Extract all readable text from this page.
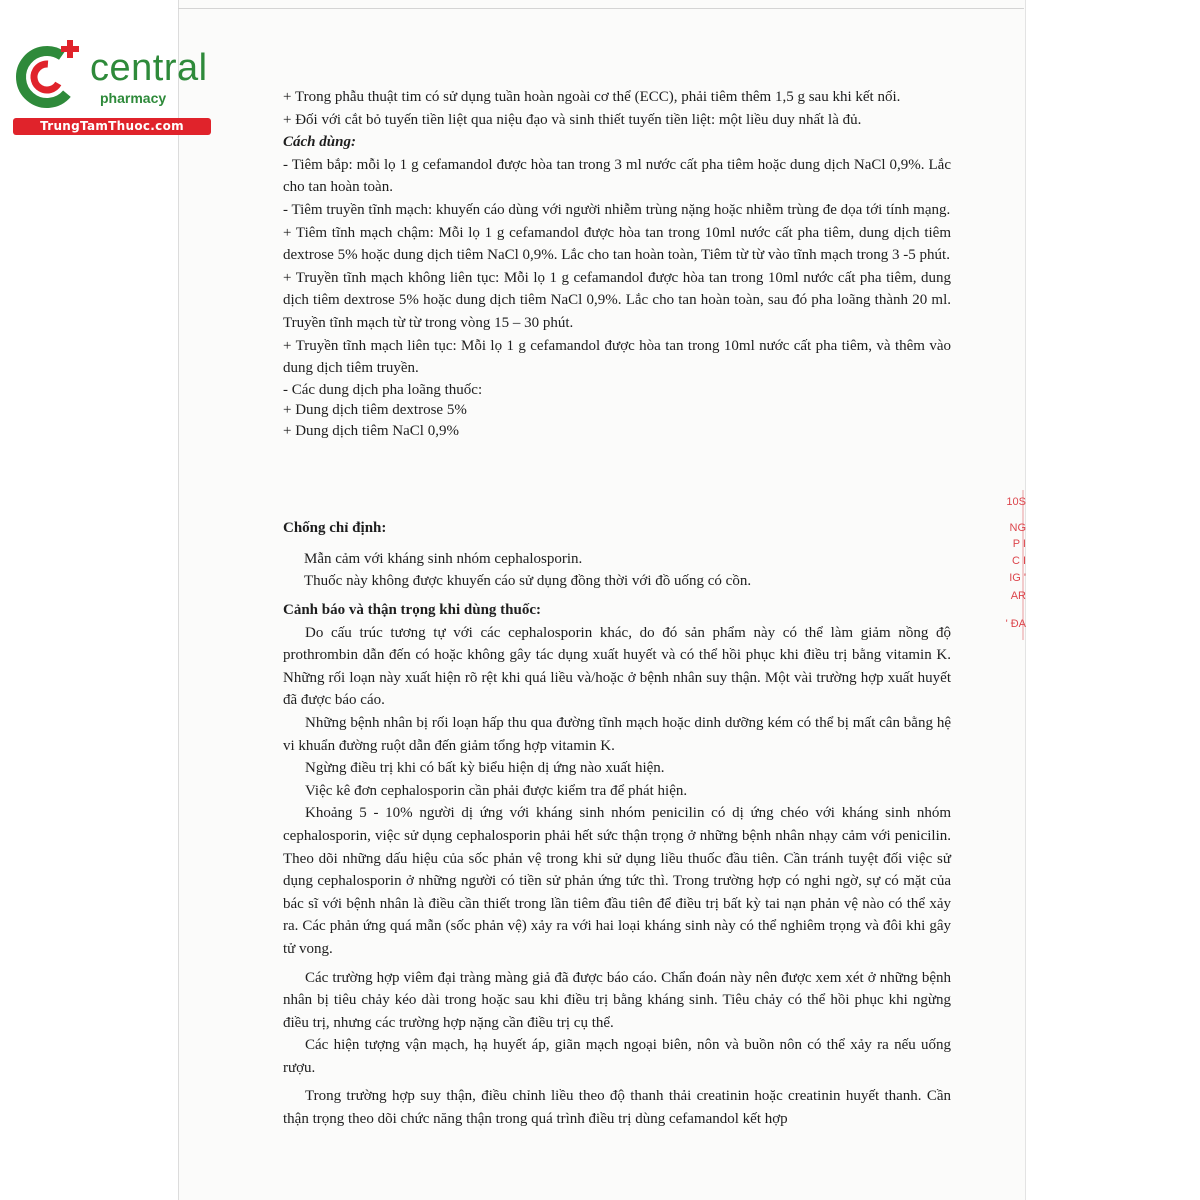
central
pharmacy
TrungTamThuoc.com

+ Trong phẫu thuật tim có sử dụng tuần hoàn ngoài cơ thể (ECC), phải tiêm thêm 1,5 g sau khi kết nối.

+ Đối với cắt bỏ tuyến tiền liệt qua niệu đạo và sinh thiết tuyến tiền liệt: một liều duy nhất là đủ.

Cách dùng:

- Tiêm bắp: mỗi lọ 1 g cefamandol được hòa tan trong 3 ml nước cất pha tiêm hoặc dung dịch NaCl 0,9%. Lắc cho tan hoàn toàn.

- Tiêm truyền tĩnh mạch: khuyến cáo dùng với người nhiễm trùng nặng hoặc nhiễm trùng đe dọa tới tính mạng.

+ Tiêm tĩnh mạch chậm: Mỗi lọ 1 g cefamandol được hòa tan trong 10ml nước cất pha tiêm, dung dịch tiêm dextrose 5% hoặc dung dịch tiêm NaCl 0,9%. Lắc cho tan hoàn toàn, Tiêm từ từ vào tĩnh mạch trong 3 -5 phút.

+ Truyền tĩnh mạch không liên tục: Mỗi lọ 1 g cefamandol được hòa tan trong 10ml nước cất pha tiêm, dung dịch tiêm dextrose 5% hoặc dung dịch tiêm NaCl 0,9%. Lắc cho tan hoàn toàn, sau đó pha loãng thành 20 ml. Truyền tĩnh mạch từ từ trong vòng 15 – 30 phút.

+ Truyền tĩnh mạch liên tục: Mỗi lọ 1 g cefamandol được hòa tan trong 10ml nước cất pha tiêm, và thêm vào dung dịch tiêm truyền.

- Các dung dịch pha loãng thuốc:

+ Dung dịch tiêm dextrose 5%

+ Dung dịch tiêm NaCl 0,9%

Chống chỉ định:

Mẫn cảm với kháng sinh nhóm cephalosporin.

Thuốc này không được khuyến cáo sử dụng đồng thời với đồ uống có cồn.

Cảnh báo và thận trọng khi dùng thuốc:

Do cấu trúc tương tự với các cephalosporin khác, do đó sản phẩm này có thể làm giảm nồng độ prothrombin dẫn đến có hoặc không gây tác dụng xuất huyết và có thể hồi phục khi điều trị bằng vitamin K. Những rối loạn này xuất hiện rõ rệt khi quá liều và/hoặc ở bệnh nhân suy thận. Một vài trường hợp xuất huyết đã được báo cáo.

Những bệnh nhân bị rối loạn hấp thu qua đường tĩnh mạch hoặc dinh dưỡng kém có thể bị mất cân bằng hệ vi khuẩn đường ruột dẫn đến giảm tổng hợp vitamin K.

Ngừng điều trị khi có bất kỳ biểu hiện dị ứng nào xuất hiện.

Việc kê đơn cephalosporin cần phải được kiểm tra để phát hiện.

Khoảng 5 - 10% người dị ứng với kháng sinh nhóm penicilin có dị ứng chéo với kháng sinh nhóm cephalosporin, việc sử dụng cephalosporin phải hết sức thận trọng ở những bệnh nhân nhạy cảm với penicilin. Theo dõi những dấu hiệu của sốc phản vệ trong khi sử dụng liều thuốc đầu tiên. Cần tránh tuyệt đối việc sử dụng cephalosporin ở những người có tiền sử phản ứng tức thì. Trong trường hợp có nghi ngờ, sự có mặt của bác sĩ với bệnh nhân là điều cần thiết trong lần tiêm đầu tiên để điều trị bất kỳ tai nạn phản vệ nào có thể xảy ra. Các phản ứng quá mẫn (sốc phản vệ) xảy ra với hai loại kháng sinh này có thể nghiêm trọng và đôi khi gây tử vong.

Các trường hợp viêm đại tràng màng giả đã được báo cáo. Chẩn đoán này nên được xem xét ở những bệnh nhân bị tiêu chảy kéo dài trong hoặc sau khi điều trị bằng kháng sinh. Tiêu chảy có thể hồi phục khi ngừng điều trị, nhưng các trường hợp nặng cần điều trị cụ thể.

Các hiện tượng vận mạch, hạ huyết áp, giãn mạch ngoại biên, nôn và buồn nôn có thể xảy ra nếu uống rượu.

Trong trường hợp suy thận, điều chỉnh liều theo độ thanh thải creatinin hoặc creatinin huyết thanh. Cần thận trọng theo dõi chức năng thận trong quá trình điều trị dùng cefamandol kết hợp

10S
NG
P I
C I
IG '
AR
' ĐA
